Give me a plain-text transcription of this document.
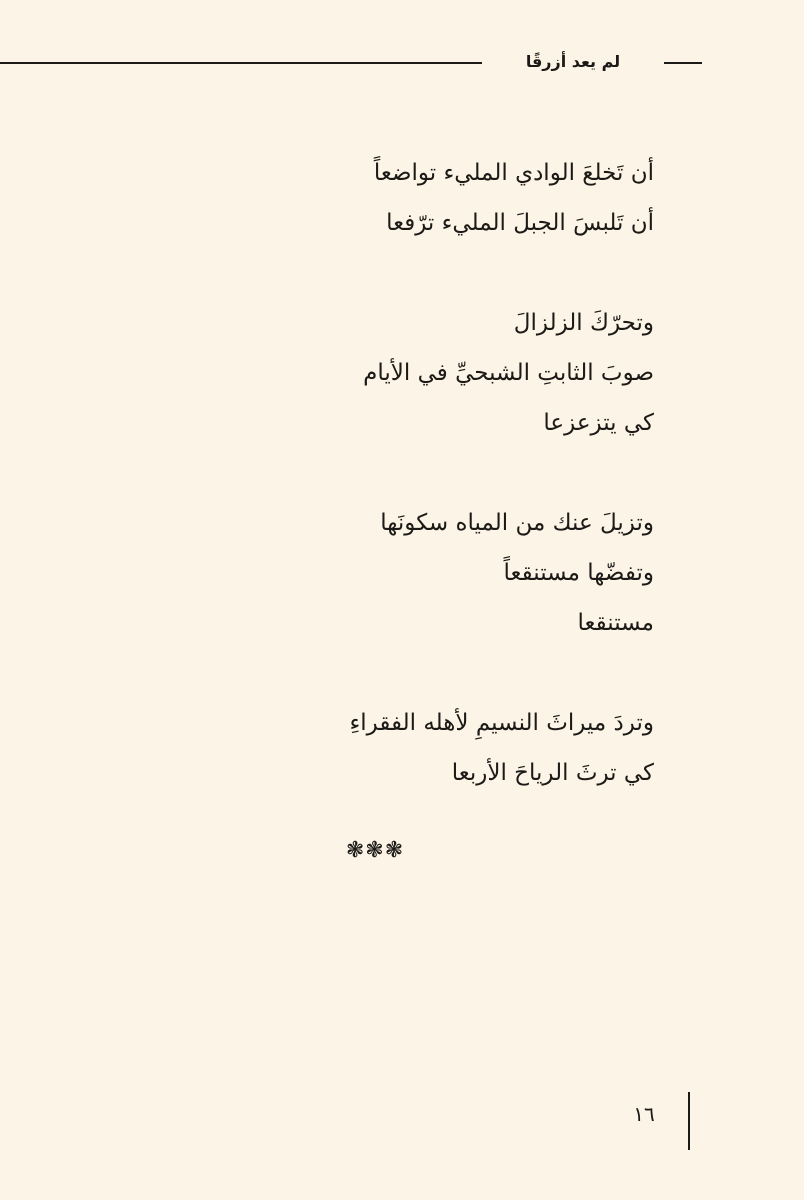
لم يعد أزرقًا
أن تَخلعَ الوادي المليء تواضعاً
أن تَلبسَ الجبلَ المليء ترّفعا
وتحرّكَ الزلزالَ
صوبَ الثابتِ الشبحيِّ في الأيام
كي يتزعزعا
وتزيلَ عنك من المياه سكونَها
وتفضّها مستنقعاً
مستنقعا
وتردَ ميراثَ النسيمِ لأهله الفقراءِ
كي ترثَ الرياحَ الأربعا
❃❃❃
١٦
